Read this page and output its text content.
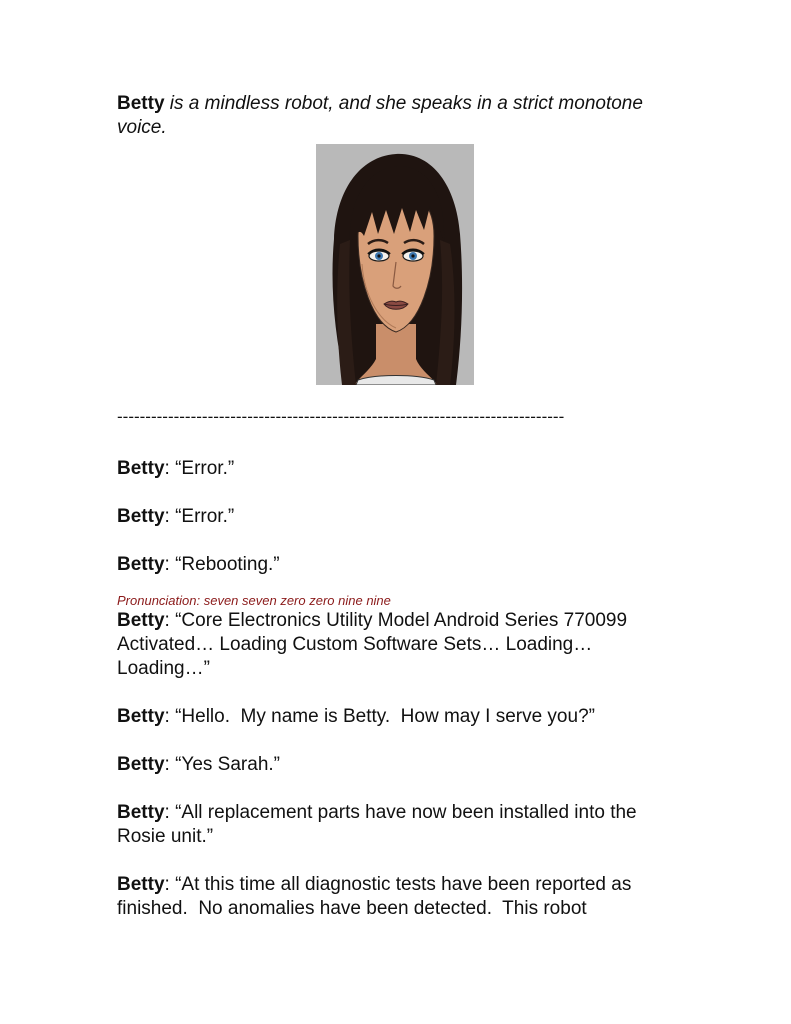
Betty is a mindless robot, and she speaks in a strict monotone voice.

-------------------------------------------------------------------------------

Betty: “Error.”

Betty: “Error.”

Betty: “Rebooting.”

Pronunciation: seven seven zero zero nine nine

Betty: “Core Electronics Utility Model Android Series 770099 Activated… Loading Custom Software Sets… Loading… Loading…”

Betty: “Hello.  My name is Betty.  How may I serve you?”

Betty: “Yes Sarah.”

Betty: “All replacement parts have now been installed into the Rosie unit.”

Betty: “At this time all diagnostic tests have been reported as finished.  No anomalies have been detected.  This robot
